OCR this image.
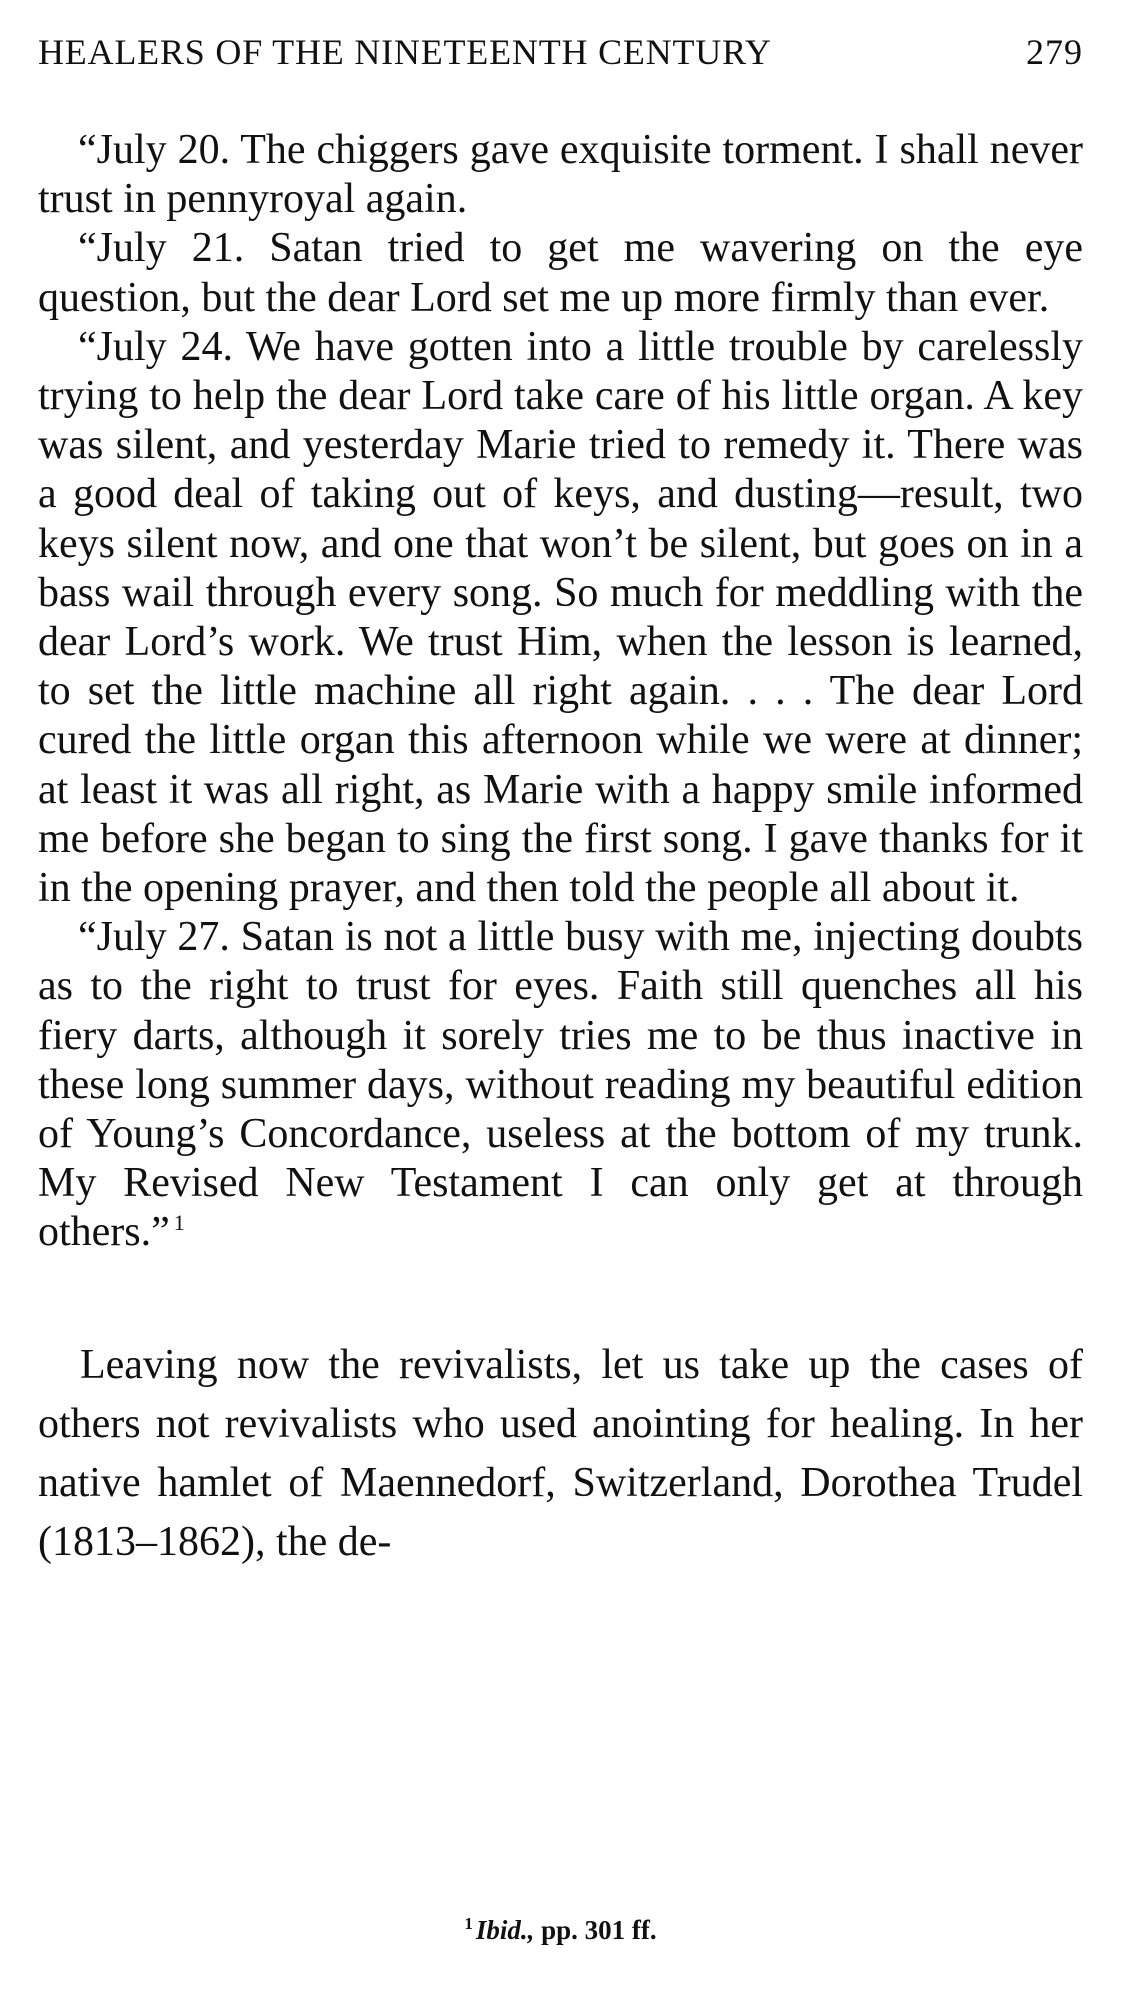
HEALERS OF THE NINETEENTH CENTURY	279

“July 20. The chiggers gave exquisite torment. I shall never trust in pennyroyal again.

“July 21. Satan tried to get me wavering on the eye question, but the dear Lord set me up more firmly than ever.

“July 24. We have gotten into a little trouble by carelessly trying to help the dear Lord take care of his little organ. A key was silent, and yesterday Marie tried to remedy it. There was a good deal of taking out of keys, and dusting—result, two keys silent now, and one that won’t be silent, but goes on in a bass wail through every song. So much for meddling with the dear Lord’s work. We trust Him, when the lesson is learned, to set the little machine all right again. . . . The dear Lord cured the little organ this afternoon while we were at dinner; at least it was all right, as Marie with a happy smile informed me before she began to sing the first song. I gave thanks for it in the opening prayer, and then told the people all about it.

“July 27. Satan is not a little busy with me, injecting doubts as to the right to trust for eyes. Faith still quenches all his fiery darts, although it sorely tries me to be thus inactive in these long summer days, without reading my beautiful edition of Young’s Concordance, useless at the bottom of my trunk. My Revised New Testament I can only get at through others.” $^1$

Leaving now the revivalists, let us take up the cases of others not revivalists who used anointing for healing. In her native hamlet of Maennedorf, Switzerland, Dorothea Trudel (1813–1862), the de-

$^1$ Ibid., pp. 301 ff.
